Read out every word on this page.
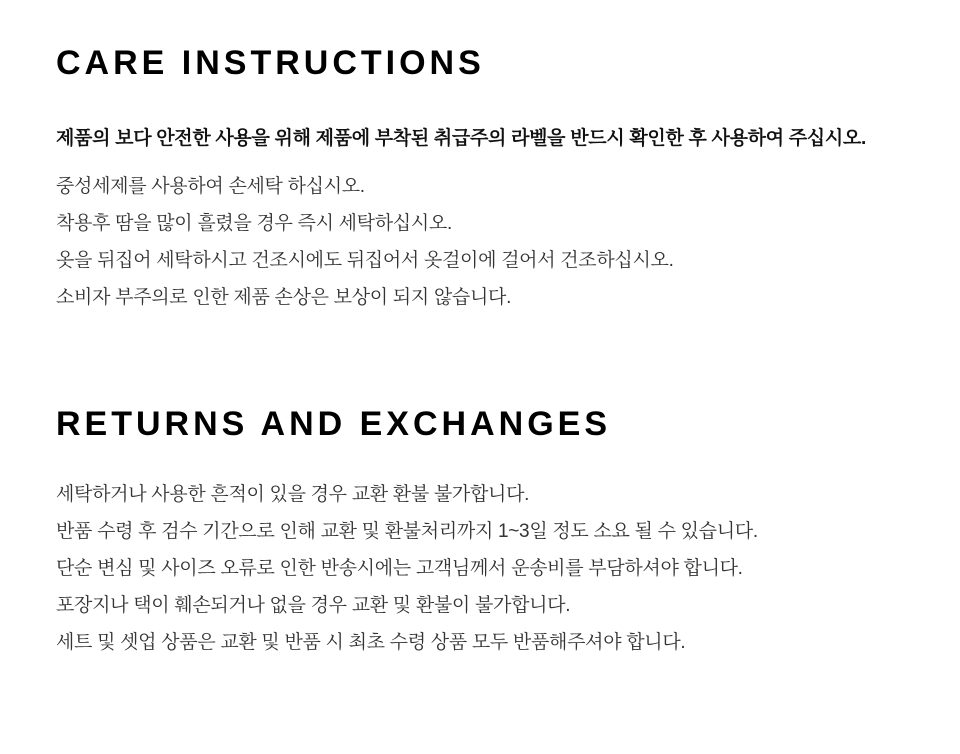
CARE INSTRUCTIONS

제품의 보다 안전한 사용을 위해 제품에 부착된 취급주의 라벨을 반드시 확인한 후 사용하여 주십시오.

중성세제를 사용하여 손세탁 하십시오.

착용후 땀을 많이 흘렸을 경우 즉시 세탁하십시오.

옷을 뒤집어 세탁하시고 건조시에도 뒤집어서 옷걸이에 걸어서 건조하십시오.

소비자 부주의로 인한 제품 손상은 보상이 되지 않습니다.

RETURNS AND EXCHANGES

세탁하거나 사용한 흔적이 있을 경우 교환 환불 불가합니다.

반품 수령 후 검수 기간으로 인해 교환 및 환불처리까지 1~3일 정도 소요 될 수 있습니다.

단순 변심 및 사이즈 오류로 인한 반송시에는 고객님께서 운송비를 부담하셔야 합니다.

포장지나 택이 훼손되거나 없을 경우 교환 및 환불이 불가합니다.

세트 및 셋업 상품은 교환 및 반품 시 최초 수령 상품 모두 반품해주셔야 합니다.
